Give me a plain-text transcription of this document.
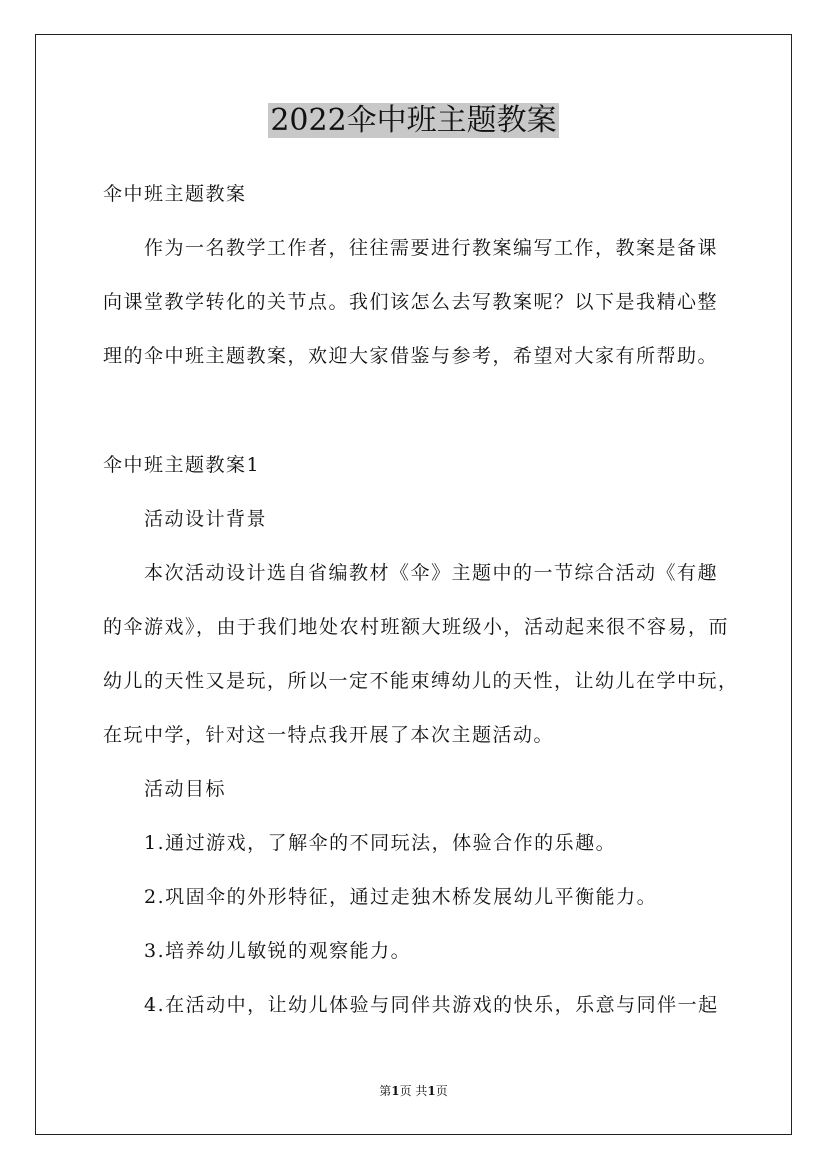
2022伞中班主题教案

伞中班主题教案

作为一名教学工作者，往往需要进行教案编写工作，教案是备课

向课堂教学转化的关节点。我们该怎么去写教案呢？以下是我精心整

理的伞中班主题教案，欢迎大家借鉴与参考，希望对大家有所帮助。

伞中班主题教案1

活动设计背景

本次活动设计选自省编教材《伞》主题中的一节综合活动《有趣

的伞游戏》，由于我们地处农村班额大班级小，活动起来很不容易，而

幼儿的天性又是玩，所以一定不能束缚幼儿的天性，让幼儿在学中玩，

在玩中学，针对这一特点我开展了本次主题活动。

活动目标

1.通过游戏，了解伞的不同玩法，体验合作的乐趣。

2.巩固伞的外形特征，通过走独木桥发展幼儿平衡能力。

3.培养幼儿敏锐的观察能力。

4.在活动中，让幼儿体验与同伴共游戏的快乐，乐意与同伴一起

第1页 共1页
